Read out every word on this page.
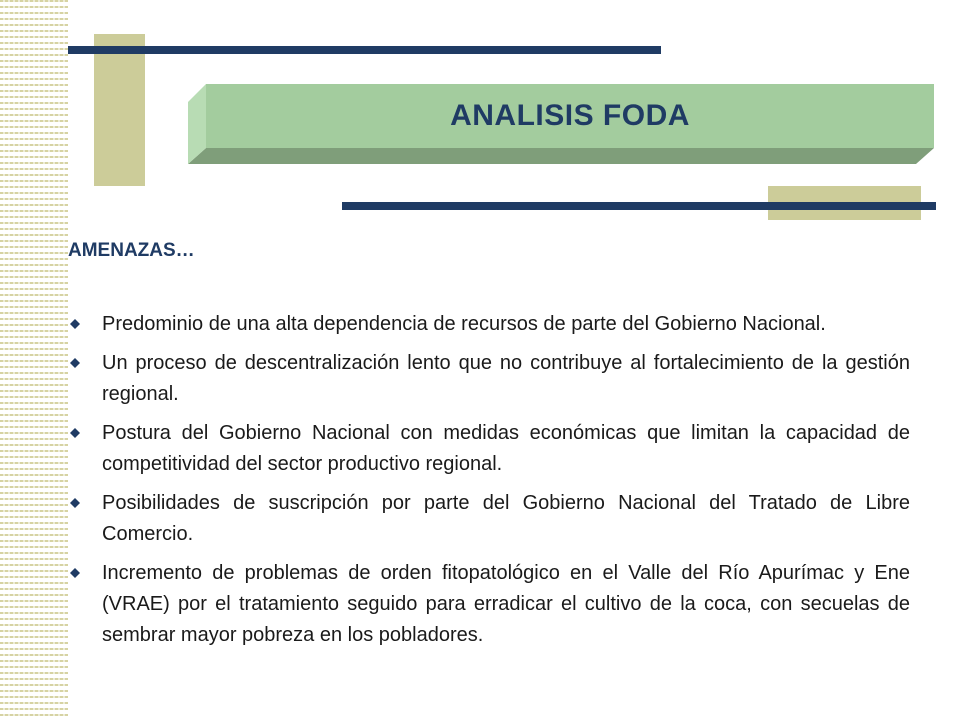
ANALISIS FODA
AMENAZAS…
Predominio de una alta dependencia de recursos de parte del Gobierno Nacional.
Un proceso de descentralización lento que no contribuye al fortalecimiento de la gestión regional.
Postura del Gobierno Nacional con medidas económicas que limitan la capacidad de competitividad del sector productivo regional.
Posibilidades de suscripción por parte del Gobierno Nacional del Tratado de Libre Comercio.
Incremento de problemas de orden fitopatológico en el Valle del Río Apurímac y Ene (VRAE) por el tratamiento seguido para erradicar el cultivo de la coca, con secuelas de sembrar mayor pobreza en los pobladores.
